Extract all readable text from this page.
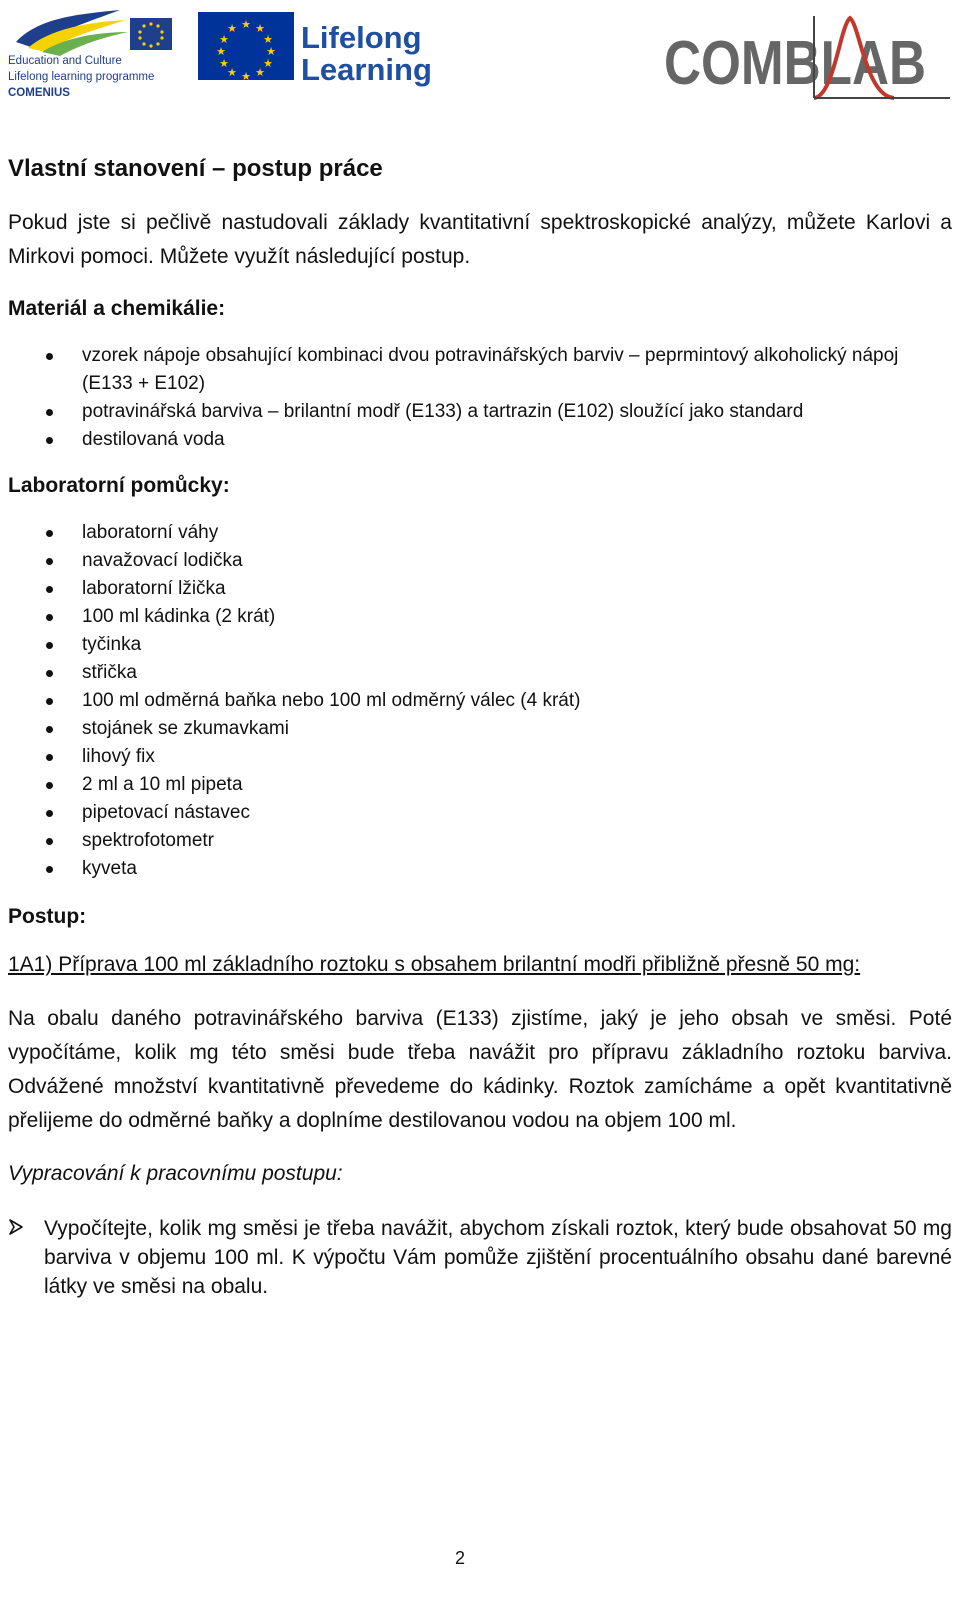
Education and Culture
Lifelong learning programme
COMENIUS
★ ★
★
★
★
★
★
★
★
★
★
★ Lifelong
Learning	COMBLAB
Vlastní stanovení – postup práce

Pokud jste si pečlivě nastudovali základy kvantitativní spektroskopické analýzy, můžete Karlovi a Mirkovi pomoci. Můžete využít následující postup.

Materiál a chemikálie:

vzorek nápoje obsahující kombinaci dvou potravinářských barviv – peprmintový alkoholický nápoj (E133 + E102)
potravinářská barviva – brilantní modř (E133) a tartrazin (E102) sloužící jako standard
destilovaná voda

Laboratorní pomůcky:

laboratorní váhy
navažovací lodička
laboratorní lžička
100 ml kádinka (2 krát)
tyčinka
střička
100 ml odměrná baňka nebo 100 ml odměrný válec (4 krát)
stojánek se zkumavkami
lihový fix
2 ml a 10 ml pipeta
pipetovací nástavec
spektrofotometr
kyveta

Postup:

1A1) Příprava 100 ml základního roztoku s obsahem brilantní modři přibližně přesně 50 mg:

Na obalu daného potravinářského barviva (E133) zjistíme, jaký je jeho obsah ve směsi. Poté vypočítáme, kolik mg této směsi bude třeba navážit pro přípravu základního roztoku barviva. Odvážené množství kvantitativně převedeme do kádinky. Roztok zamícháme a opět kvantitativně přelijeme do odměrné baňky a doplníme destilovanou vodou na objem 100 ml.

Vypracování k pracovnímu postupu:

Vypočítejte, kolik mg směsi je třeba navážit, abychom získali roztok, který bude obsahovat 50 mg barviva v objemu 100 ml. K výpočtu Vám pomůže zjištění procentuálního obsahu dané barevné látky ve směsi na obalu.
2
